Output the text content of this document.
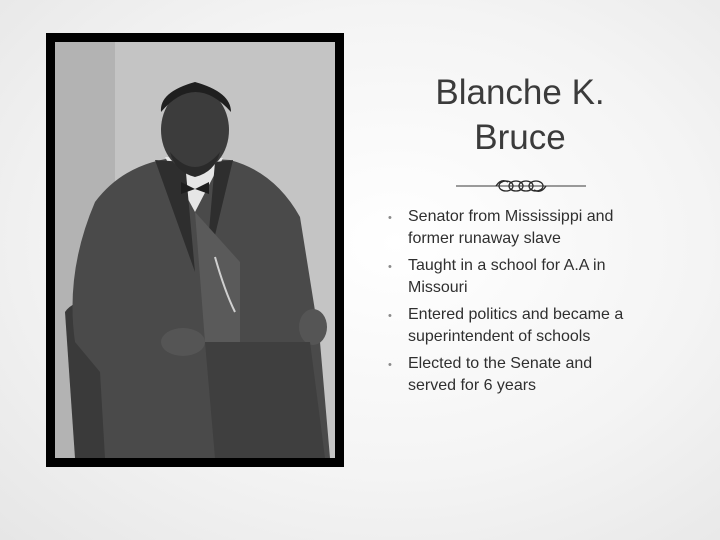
Blanche K.
Bruce
• Senator from Mississippi and
former runaway slave
• Taught in a school for A.A in
Missouri
• Entered politics and became a
superintendent of schools
• Elected to the Senate and
served for 6 years
